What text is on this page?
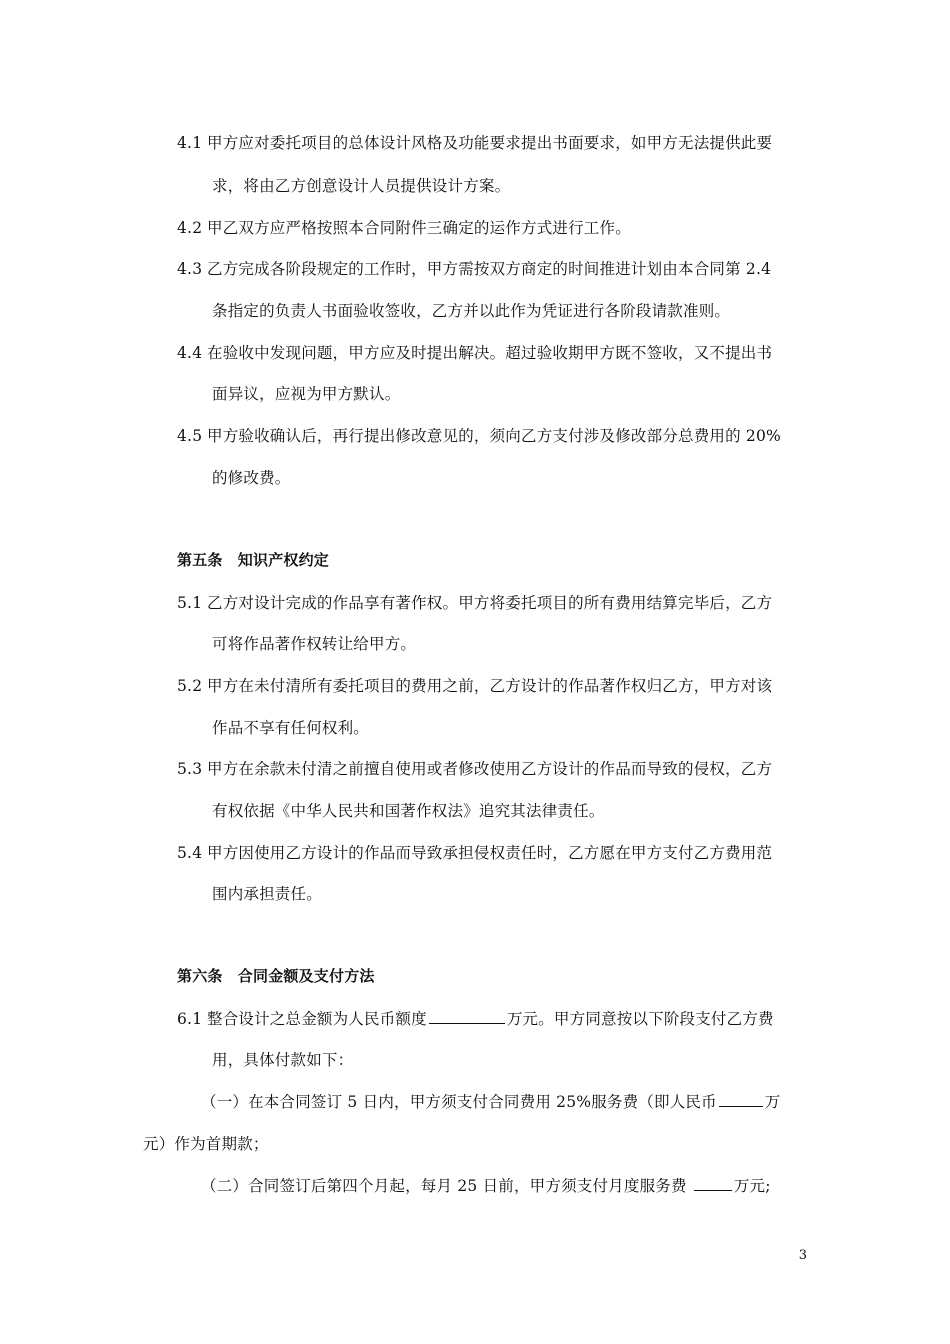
4.1 甲方应对委托项目的总体设计风格及功能要求提出书面要求，如甲方无法提供此要
求，将由乙方创意设计人员提供设计方案。
4.2 甲乙双方应严格按照本合同附件三确定的运作方式进行工作。
4.3 乙方完成各阶段规定的工作时，甲方需按双方商定的时间推进计划由本合同第 2.4
条指定的负责人书面验收签收，乙方并以此作为凭证进行各阶段请款准则。
4.4 在验收中发现问题，甲方应及时提出解决。超过验收期甲方既不签收，又不提出书
面异议，应视为甲方默认。
4.5 甲方验收确认后，再行提出修改意见的，须向乙方支付涉及修改部分总费用的 20%
的修改费。
第五条　知识产权约定
5.1 乙方对设计完成的作品享有著作权。甲方将委托项目的所有费用结算完毕后，乙方
可将作品著作权转让给甲方。
5.2 甲方在未付清所有委托项目的费用之前，乙方设计的作品著作权归乙方，甲方对该
作品不享有任何权利。
5.3 甲方在余款未付清之前擅自使用或者修改使用乙方设计的作品而导致的侵权，乙方
有权依据《中华人民共和国著作权法》追究其法律责任。
5.4 甲方因使用乙方设计的作品而导致承担侵权责任时，乙方愿在甲方支付乙方费用范
围内承担责任。
第六条　合同金额及支付方法
6.1 整合设计之总金额为人民币额度	万元。甲方同意按以下阶段支付乙方费
用，具体付款如下：
（一）在本合同签订 5 日内，甲方须支付合同费用 25%服务费（即人民币	万
元）作为首期款；
（二）合同签订后第四个月起，每月 25 日前，甲方须支付月度服务费	万元;
3
